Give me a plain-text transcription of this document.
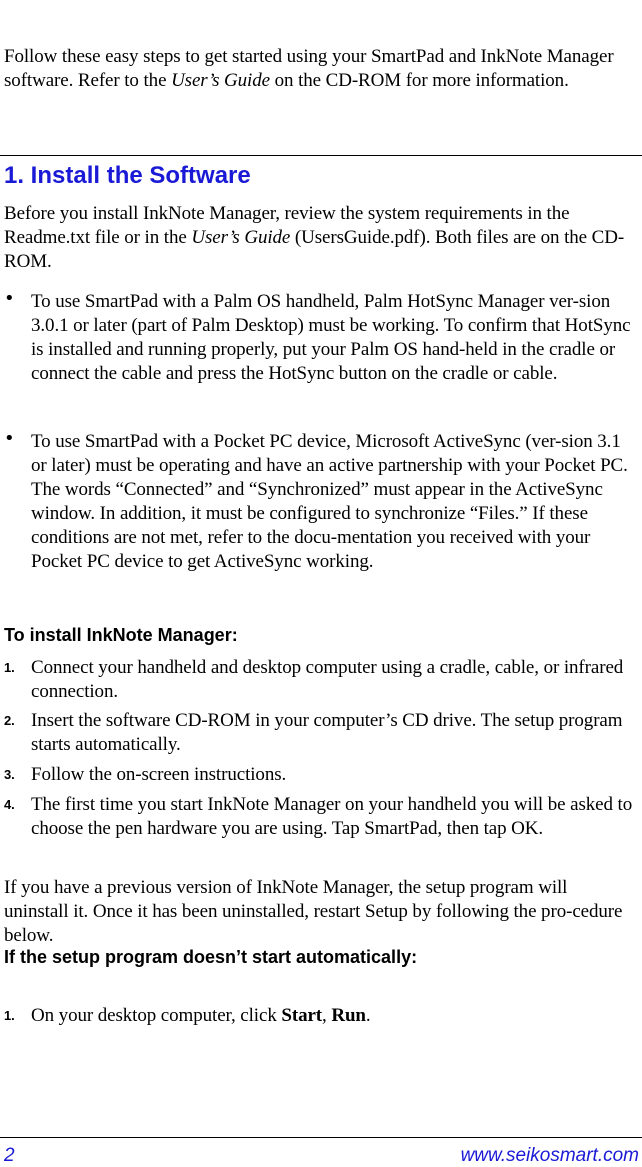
Follow these easy steps to get started using your SmartPad and InkNote Manager software. Refer to the User’s Guide on the CD-ROM for more information.

1. Install the Software

Before you install InkNote Manager, review the system requirements in the Readme.txt file or in the User’s Guide (UsersGuide.pdf). Both files are on the CD-ROM.

• To use SmartPad with a Palm OS handheld, Palm HotSync Manager ver-sion 3.0.1 or later (part of Palm Desktop) must be working. To confirm that HotSync is installed and running properly, put your Palm OS hand-held in the cradle or connect the cable and press the HotSync button on the cradle or cable.
• To use SmartPad with a Pocket PC device, Microsoft ActiveSync (ver-sion 3.1 or later) must be operating and have an active partnership with your Pocket PC. The words “Connected” and “Synchronized” must appear in the ActiveSync window. In addition, it must be configured to synchronize “Files.” If these conditions are not met, refer to the docu-mentation you received with your Pocket PC device to get ActiveSync working.
To install InkNote Manager:
1. Connect your handheld and desktop computer using a cradle, cable, or infrared connection.
2. Insert the software CD-ROM in your computer’s CD drive. The setup program starts automatically.
3. Follow the on-screen instructions.
4. The first time you start InkNote Manager on your handheld you will be asked to choose the pen hardware you are using. Tap SmartPad, then tap OK.

If you have a previous version of InkNote Manager, the setup program will uninstall it. Once it has been uninstalled, restart Setup by following the pro-cedure below.

If the setup program doesn’t start automatically:
1. On your desktop computer, click Start, Run.
2	www.seikosmart.com
